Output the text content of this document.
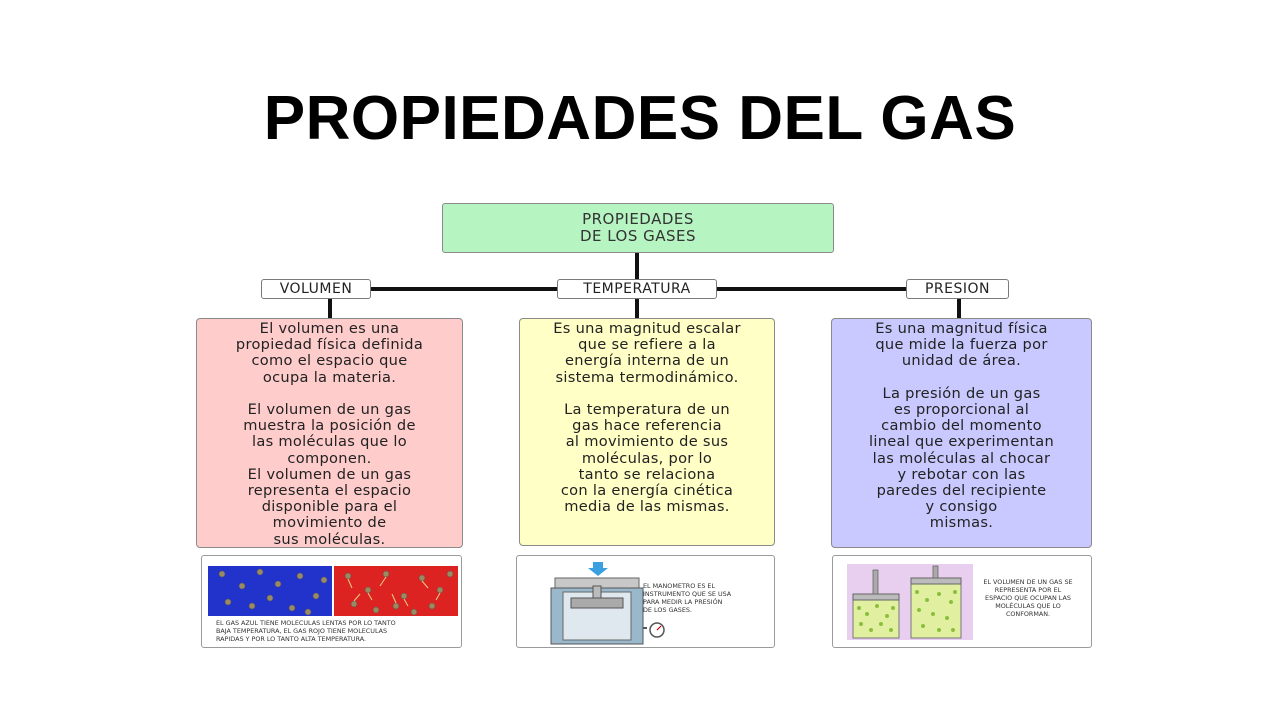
PROPIEDADES DEL GAS
PROPIEDADES
DE LOS GASES
VOLUMEN	TEMPERATURA	PRESION
El volumen es una
propiedad física definida
como el espacio que
ocupa la materia.

El volumen de un gas
muestra la posición de
las moléculas que lo
componen.
El volumen de un gas
representa el espacio
disponible para el
movimiento de
sus moléculas.
Es una magnitud escalar
que se refiere a la
energía interna de un
sistema termodinámico.

La temperatura de un
gas hace referencia
al movimiento de sus
moléculas, por lo
tanto se relaciona
con la energía cinética
media de las mismas.
Es una magnitud física
que mide la fuerza por
unidad de área.

La presión de un gas
es proporcional al
cambio del momento
lineal que experimentan
las moléculas al chocar
y rebotar con las
paredes del recipiente
y consigo
mismas.
EL GAS AZUL TIENE MOLECULAS LENTAS POR LO TANTO
BAJA TEMPERATURA, EL GAS ROJO TIENE MOLECULAS
RAPIDAS Y POR LO TANTO ALTA TEMPERATURA.
EL MANOMETRO ES EL
INSTRUMENTO QUE SE USA
PARA MEDIR LA PRESIÓN
DE LOS GASES.
EL VOLUMEN DE UN GAS SE
REPRESENTA POR EL
ESPACIO QUE OCUPAN LAS
MOLÉCULAS QUE LO
CONFORMAN.
